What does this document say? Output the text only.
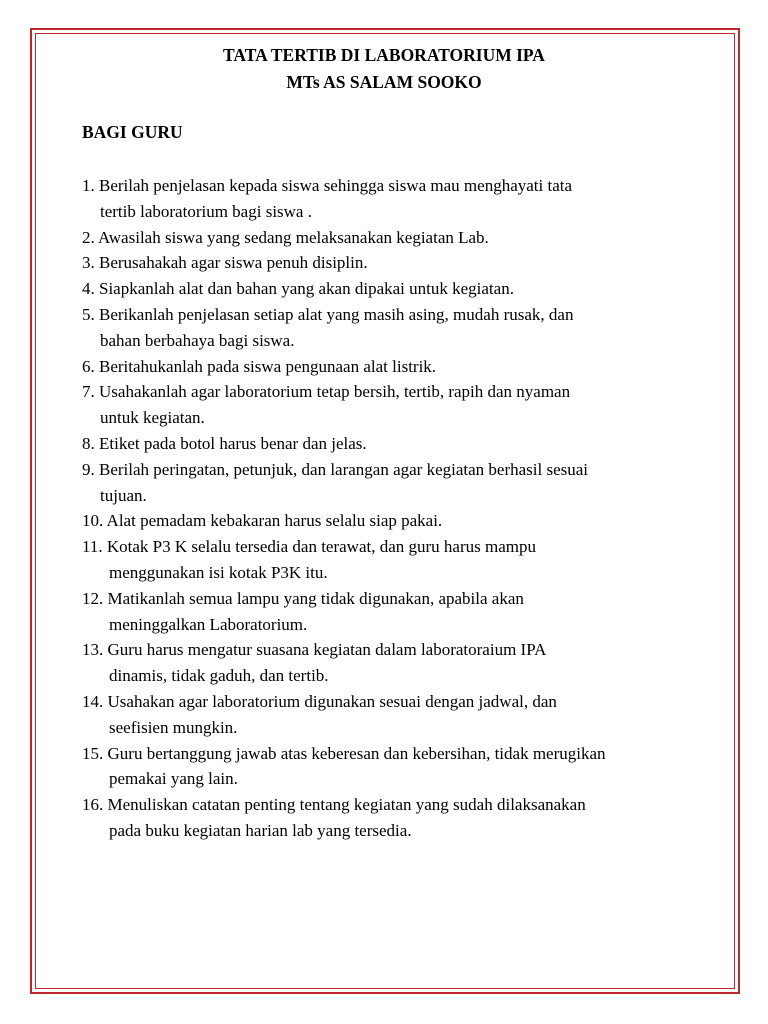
TATA TERTIB DI LABORATORIUM IPA
MTs AS SALAM SOOKO
BAGI GURU
1. Berilah penjelasan kepada siswa sehingga siswa mau menghayati tata
tertib laboratorium bagi siswa .
2. Awasilah siswa yang sedang melaksanakan kegiatan Lab.
3. Berusahakah agar siswa penuh disiplin.
4. Siapkanlah alat dan bahan yang akan dipakai untuk kegiatan.
5. Berikanlah penjelasan setiap alat yang masih asing, mudah rusak, dan
bahan berbahaya bagi siswa.
6. Beritahukanlah pada siswa pengunaan alat listrik.
7. Usahakanlah agar laboratorium tetap bersih, tertib, rapih dan nyaman
untuk kegiatan.
8. Etiket pada botol harus benar dan jelas.
9. Berilah peringatan, petunjuk, dan larangan agar kegiatan berhasil sesuai
tujuan.
10. Alat pemadam kebakaran harus selalu siap pakai.
11. Kotak P3 K selalu tersedia dan terawat, dan guru harus mampu
menggunakan isi kotak P3K itu.
12. Matikanlah semua lampu yang tidak digunakan, apabila akan
meninggalkan Laboratorium.
13. Guru harus mengatur suasana kegiatan dalam laboratoraium IPA
dinamis, tidak gaduh, dan tertib.
14. Usahakan agar laboratorium digunakan sesuai dengan jadwal, dan
seefisien mungkin.
15. Guru bertanggung jawab atas keberesan dan kebersihan, tidak merugikan
pemakai yang lain.
16. Menuliskan catatan penting tentang kegiatan yang sudah dilaksanakan
pada buku kegiatan harian lab yang tersedia.
